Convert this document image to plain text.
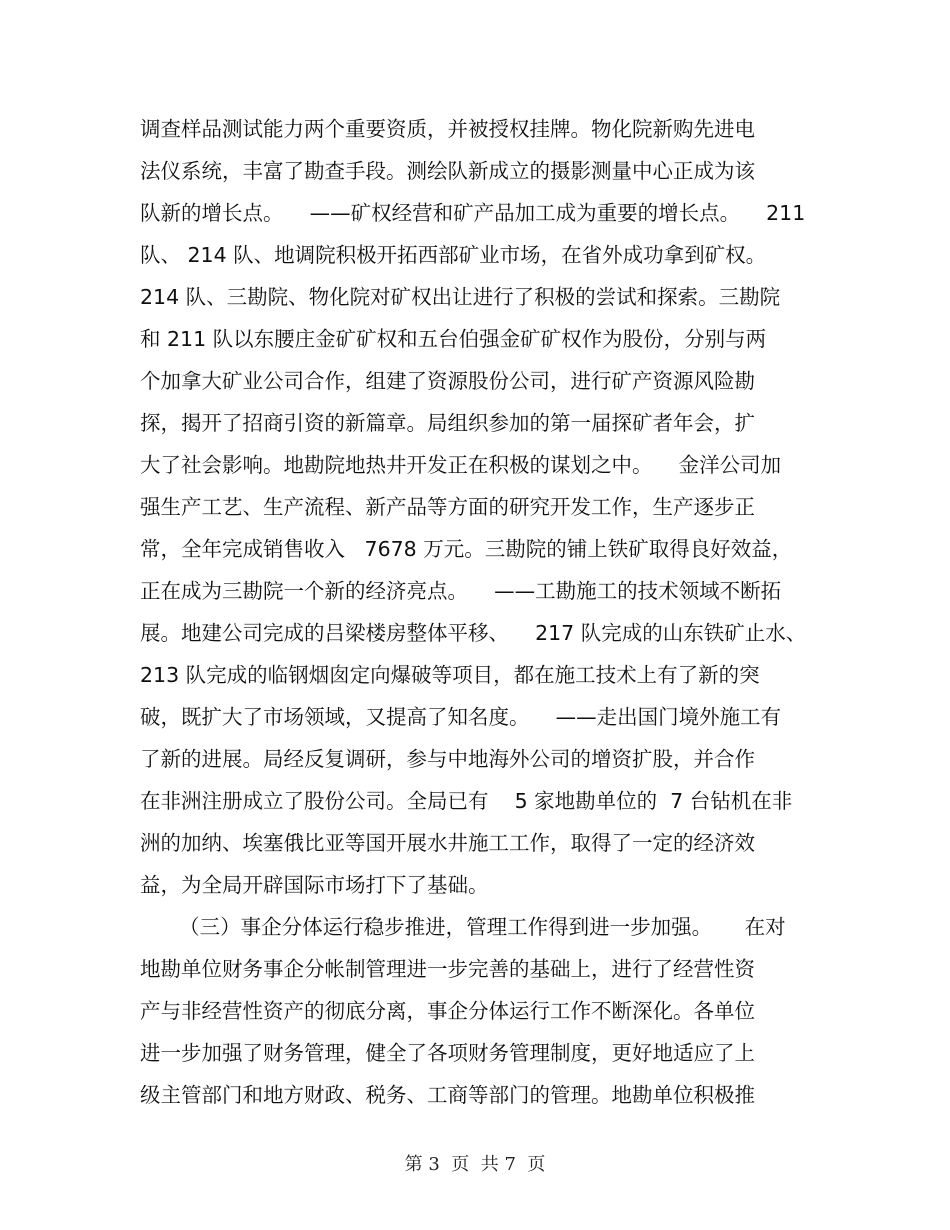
调查样品测试能力两个重要资质，并被授权挂牌。物化院新购先进电
法仪系统，丰富了勘查手段。测绘队新成立的摄影测量中心正成为该
队新的增长点。    ——矿权经营和矿产品加工成为重要的增长点。    211
队、 214 队、地调院积极开拓西部矿业市场，在省外成功拿到矿权。
214 队、三勘院、物化院对矿权出让进行了积极的尝试和探索。三勘院
和 211 队以东腰庄金矿矿权和五台伯强金矿矿权作为股份，分别与两
个加拿大矿业公司合作，组建了资源股份公司，进行矿产资源风险勘
探，揭开了招商引资的新篇章。局组织参加的第一届探矿者年会，扩
大了社会影响。地勘院地热井开发正在积极的谋划之中。    金洋公司加
强生产工艺、生产流程、新产品等方面的研究开发工作，生产逐步正
常，全年完成销售收入   7678 万元。三勘院的铺上铁矿取得良好效益，
正在成为三勘院一个新的经济亮点。    ——工勘施工的技术领域不断拓
展。地建公司完成的吕梁楼房整体平移、    217 队完成的山东铁矿止水、
213 队完成的临钢烟囱定向爆破等项目，都在施工技术上有了新的突
破，既扩大了市场领域，又提高了知名度。    ——走出国门境外施工有
了新的进展。局经反复调研，参与中地海外公司的增资扩股，并合作
在非洲注册成立了股份公司。全局已有    5 家地勘单位的  7 台钻机在非
洲的加纳、埃塞俄比亚等国开展水井施工工作，取得了一定的经济效
益，为全局开辟国际市场打下了基础。
（三）事企分体运行稳步推进，管理工作得到进一步加强。     在对
地勘单位财务事企分帐制管理进一步完善的基础上，进行了经营性资
产与非经营性资产的彻底分离，事企分体运行工作不断深化。各单位
进一步加强了财务管理，健全了各项财务管理制度，更好地适应了上
级主管部门和地方财政、税务、工商等部门的管理。地勘单位积极推
第 3  页  共 7  页
